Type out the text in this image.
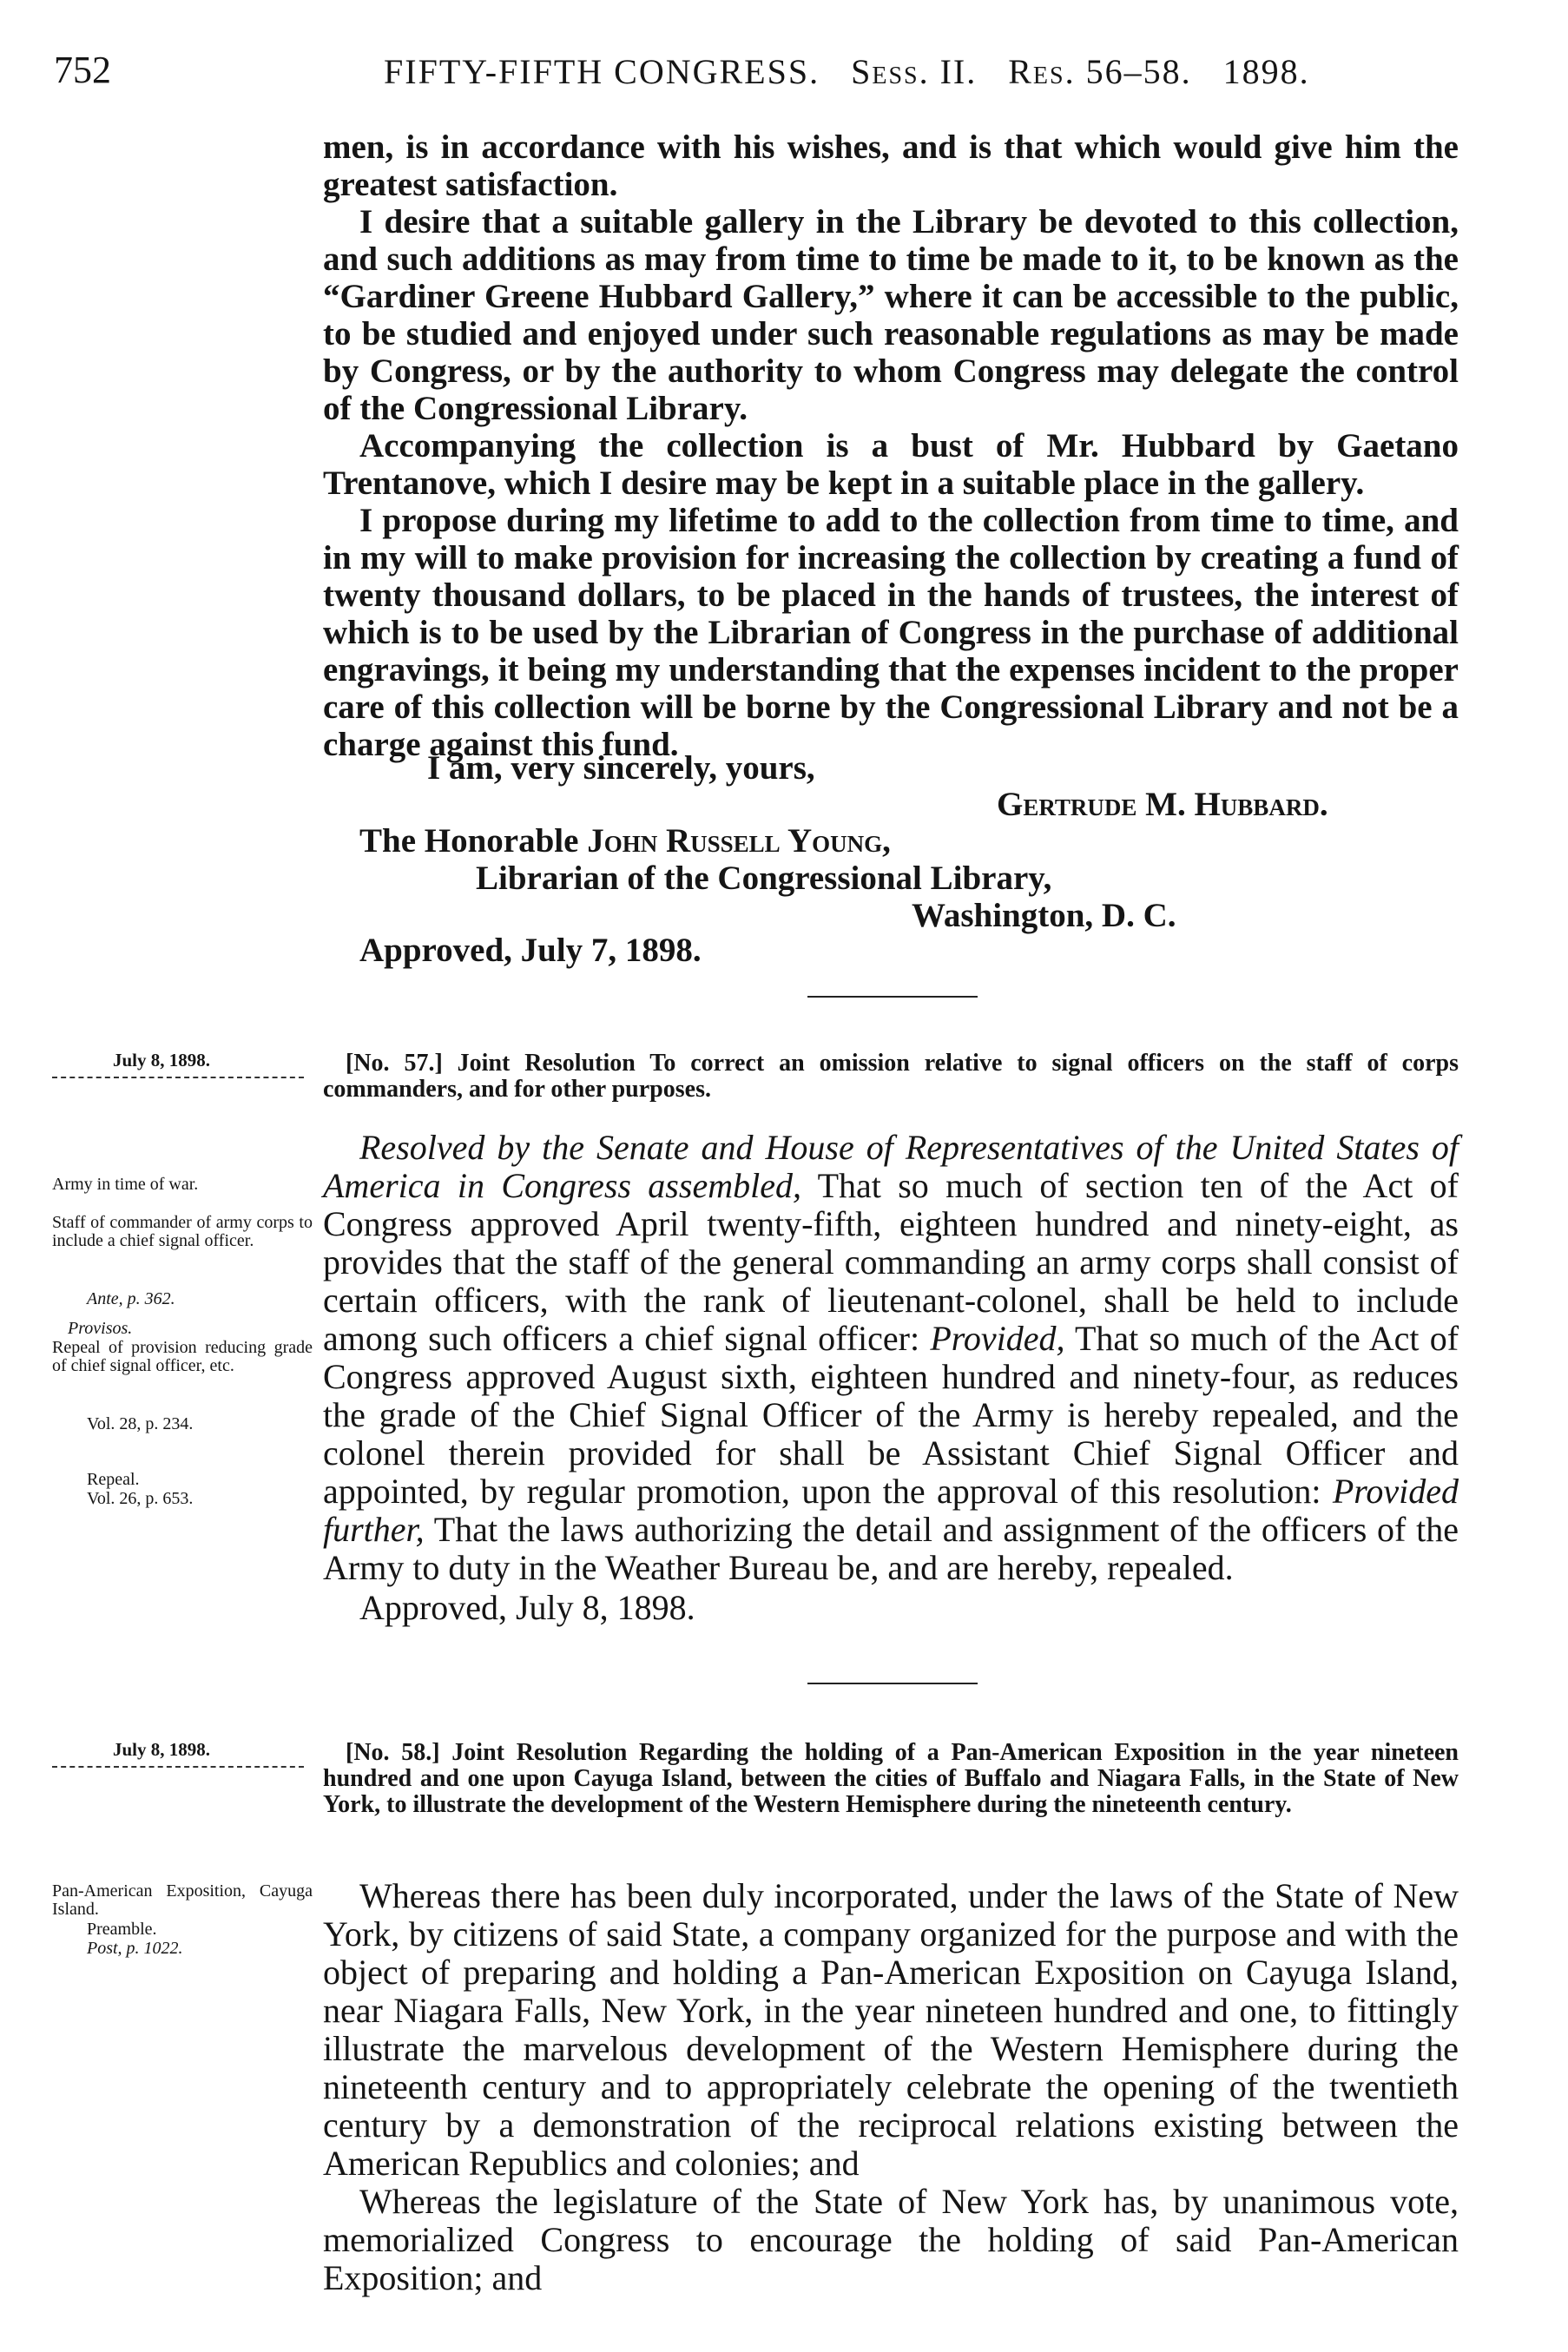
752	FIFTY-FIFTH CONGRESS. Sess. II. Res. 56–58. 1898.

men, is in accordance with his wishes, and is that which would give him the greatest satisfaction.

I desire that a suitable gallery in the Library be devoted to this collection, and such additions as may from time to time be made to it, to be known as the “Gardiner Greene Hubbard Gallery,” where it can be accessible to the public, to be studied and enjoyed under such reasonable regulations as may be made by Congress, or by the authority to whom Congress may delegate the control of the Congressional Library.

Accompanying the collection is a bust of Mr. Hubbard by Gaetano Trentanove, which I desire may be kept in a suitable place in the gallery.

I propose during my lifetime to add to the collection from time to time, and in my will to make provision for increasing the collection by creating a fund of twenty thousand dollars, to be placed in the hands of trustees, the interest of which is to be used by the Librarian of Congress in the purchase of additional engravings, it being my understanding that the expenses incident to the proper care of this collection will be borne by the Congressional Library and not be a charge against this fund.

I am, very sincerely, yours,
Gertrude M. Hubbard.
The Honorable John Russell Young,
Librarian of the Congressional Library,
Washington, D. C.
Approved, July 7, 1898.
July 8, 1898.	[No. 57.] Joint Resolution To correct an omission relative to signal officers on the staff of corps commanders, and for other purposes.

Resolved by the Senate and House of Representatives of the United States of America in Congress assembled, That so much of section ten of the Act of Congress approved April twenty-fifth, eighteen hundred and ninety-eight, as provides that the staff of the general commanding an army corps shall consist of certain officers, with the rank of lieutenant-colonel, shall be held to include among such officers a chief signal officer: Provided, That so much of the Act of Congress approved August sixth, eighteen hundred and ninety-four, as reduces the grade of the Chief Signal Officer of the Army is hereby repealed, and the colonel therein provided for shall be Assistant Chief Signal Officer and appointed, by regular promotion, upon the approval of this resolution: Provided further, That the laws authorizing the detail and assignment of the officers of the Army to duty in the Weather Bureau be, and are hereby, repealed.

Approved, July 8, 1898.

Army in time of war.
Staff of commander of army corps to include a chief signal officer.
Ante, p. 362.
Provisos.
Repeal of provision reducing grade of chief signal officer, etc.
Vol. 28, p. 234.
Repeal.
Vol. 26, p. 653.
July 8, 1898.	[No. 58.] Joint Resolution Regarding the holding of a Pan-American Exposition in the year nineteen hundred and one upon Cayuga Island, between the cities of Buffalo and Niagara Falls, in the State of New York, to illustrate the development of the Western Hemisphere during the nineteenth century.

Whereas there has been duly incorporated, under the laws of the State of New York, by citizens of said State, a company organized for the purpose and with the object of preparing and holding a Pan-American Exposition on Cayuga Island, near Niagara Falls, New York, in the year nineteen hundred and one, to fittingly illustrate the marvelous development of the Western Hemisphere during the nineteenth century and to appropriately celebrate the opening of the twentieth century by a demonstration of the reciprocal relations existing between the American Republics and colonies; and

Whereas the legislature of the State of New York has, by unanimous vote, memorialized Congress to encourage the holding of said Pan-American Exposition; and

Pan-American Exposition, Cayuga Island.
Preamble.
Post, p. 1022.
